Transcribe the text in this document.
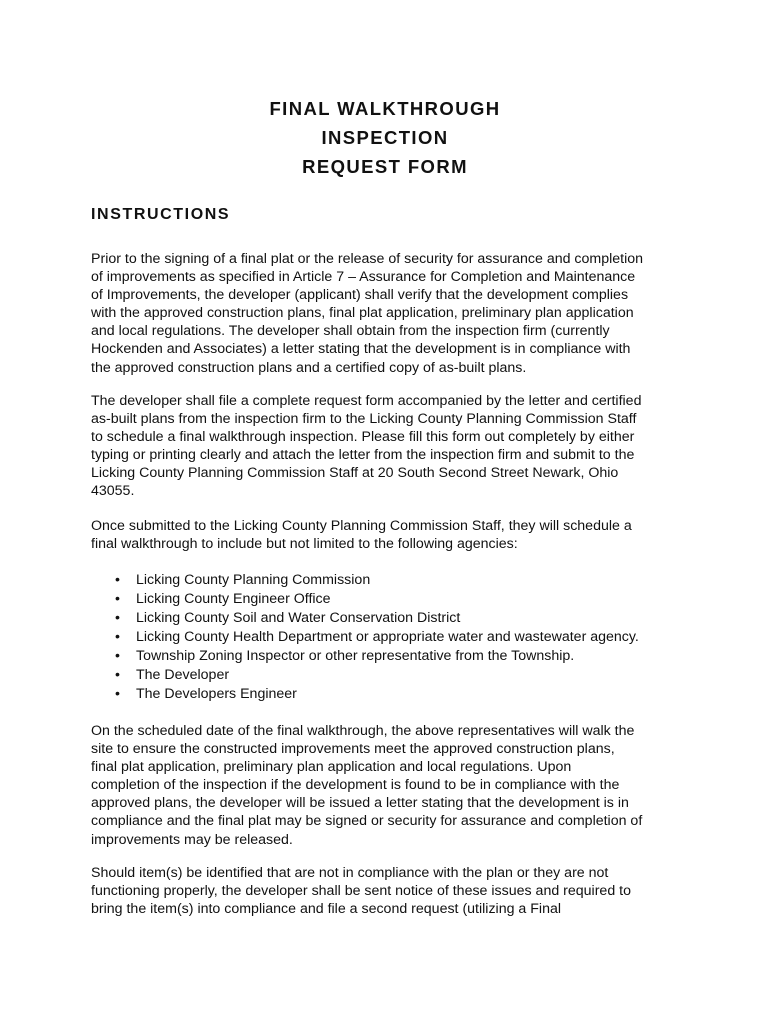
FINAL WALKTHROUGH
INSPECTION
REQUEST FORM
INSTRUCTIONS

Prior to the signing of a final plat or the release of security for assurance and completion
of improvements as specified in Article 7 – Assurance for Completion and Maintenance
of Improvements, the developer (applicant) shall verify that the development complies
with the approved construction plans, final plat application, preliminary plan application
and local regulations. The developer shall obtain from the inspection firm (currently
Hockenden and Associates) a letter stating that the development is in compliance with
the approved construction plans and a certified copy of as-built plans.

The developer shall file a complete request form accompanied by the letter and certified
as-built plans from the inspection firm to the Licking County Planning Commission Staff
to schedule a final walkthrough inspection. Please fill this form out completely by either
typing or printing clearly and attach the letter from the inspection firm and submit to the
Licking County Planning Commission Staff at 20 South Second Street Newark, Ohio
43055.

Once submitted to the Licking County Planning Commission Staff, they will schedule a
final walkthrough to include but not limited to the following agencies:

• Licking County Planning Commission
• Licking County Engineer Office
• Licking County Soil and Water Conservation District
• Licking County Health Department or appropriate water and wastewater agency.
• Township Zoning Inspector or other representative from the Township.
• The Developer
• The Developers Engineer

On the scheduled date of the final walkthrough, the above representatives will walk the
site to ensure the constructed improvements meet the approved construction plans,
final plat application, preliminary plan application and local regulations. Upon
completion of the inspection if the development is found to be in compliance with the
approved plans, the developer will be issued a letter stating that the development is in
compliance and the final plat may be signed or security for assurance and completion of
improvements may be released.

Should item(s) be identified that are not in compliance with the plan or they are not
functioning properly, the developer shall be sent notice of these issues and required to
bring the item(s) into compliance and file a second request (utilizing a Final
